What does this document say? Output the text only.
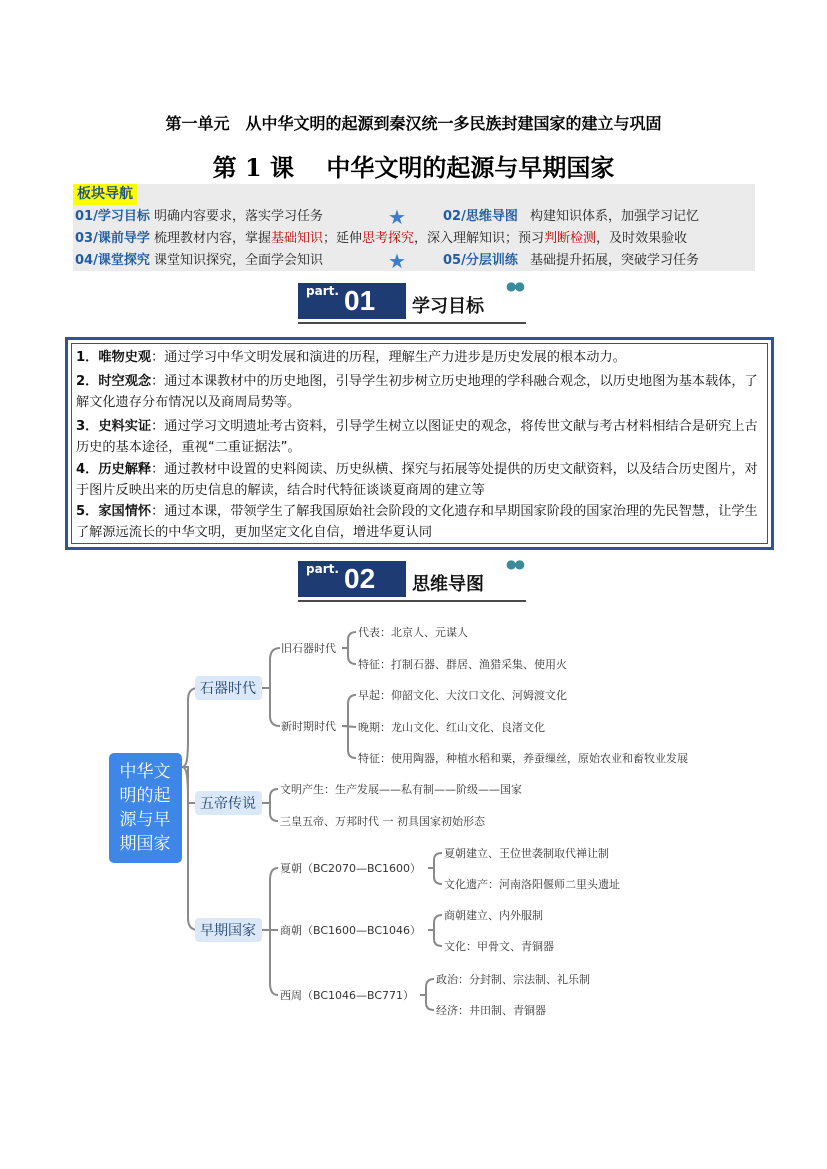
第一单元　从中华文明的起源到秦汉统一多民族封建国家的建立与巩固
第 1 课　 中华文明的起源与早期国家
板块导航
01/学习目标 明确内容要求，落实学习任务	★	02/思维导图 构建知识体系，加强学习记忆
03/课前导学 梳理教材内容，掌握基础知识；延伸思考探究，深入理解知识；预习判断检测，及时效果验收
04/课堂探究 课堂知识探究，全面学会知识	★	05/分层训练 基础提升拓展，突破学习任务
part. 01 学习目标
●●
1．唯物史观：通过学习中华文明发展和演进的历程，理解生产力进步是历史发展的根本动力。
2．时空观念：通过本课教材中的历史地图，引导学生初步树立历史地理的学科融合观念，以历史地图为基本载体，了解文化遗存分布情况以及商周局势等。
3．史料实证：通过学习文明遗址考古资料，引导学生树立以图证史的观念，将传世文献与考古材料相结合是研究上古历史的基本途径，重视“二重证据法”。
4．历史解释：通过教材中设置的史料阅读、历史纵横、探究与拓展等处提供的历史文献资料，以及结合历史图片，对于图片反映出来的历史信息的解读，结合时代特征谈谈夏商周的建立等
5．家国情怀：通过本课，带领学生了解我国原始社会阶段的文化遗存和早期国家阶段的国家治理的先民智慧，让学生了解源远流长的中华文明，更加坚定文化自信，增进华夏认同
part. 02 思维导图
●●
中华文
明的起
源与早
期国家
石器时代
五帝传说
早期国家
旧石器时代
新时期时代
代表：北京人、元谋人
特征：打制石器、群居、渔猎采集、使用火
早起：仰韶文化、大汶口文化、河姆渡文化
晚期：龙山文化、红山文化、良渚文化
特征：使用陶器，种植水稻和粟，养蚕缫丝，原始农业和畜牧业发展
文明产生：生产发展——私有制——阶级——国家
三皇五帝、万邦时代 一 初具国家初始形态
夏朝（BC2070—BC1600）
夏朝建立、王位世袭制取代禅让制
文化遗产：河南洛阳偃师二里头遗址
商朝（BC1600—BC1046）
商朝建立、内外服制
文化：甲骨文、青铜器
西周（BC1046—BC771）
政治：分封制、宗法制、礼乐制
经济：井田制、青铜器
